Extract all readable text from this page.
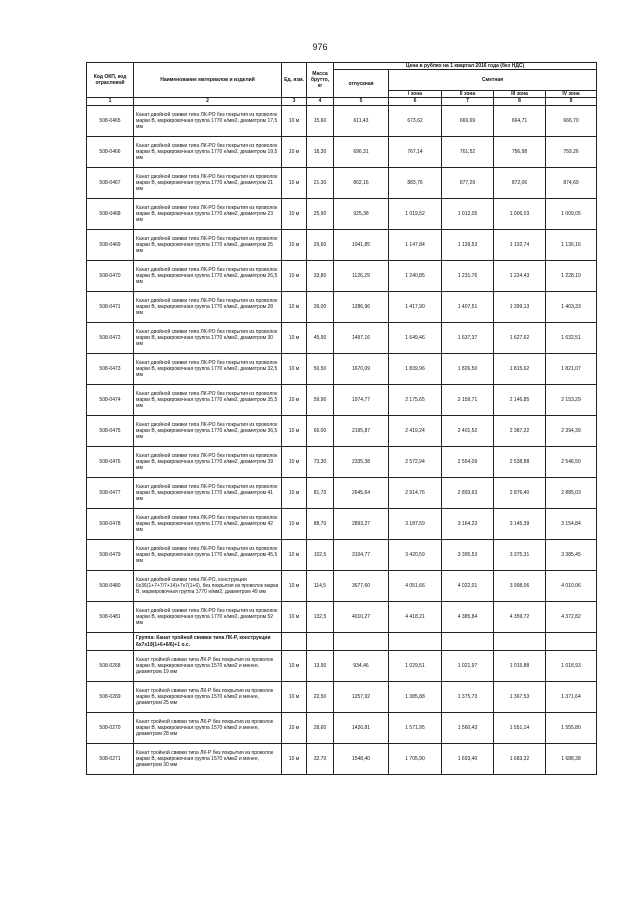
976
Код ОКП, код отраслевой	Наименование материалов и изделий	Ед. изм.	Масса брутто, кг	Цена в рублях на 1 квартал 2016 года (без НДС)				
				отпускная	Сметная			
					I зона	II зона	III зона	IV зона
1	2	3	4	5	6	7	8	9
508-0465	Канат двойной свивки типа ЛК-РО без покрытия из проволок марки В, маркировочная группа 1770 н/мм2, диаметром 17,5 мм	10 м	15,60	611,43	673,62	669,69	664,71	666,70
508-0466	Канат двойной свивки типа ЛК-РО без покрытия из проволок марки В, маркировочная группа 1770 н/мм2, диаметром 19,5 мм	10 м	18,30	696,31	767,14	761,52	756,98	759,26
508-0467	Канат двойной свивки типа ЛК-РО без покрытия из проволок марки В, маркировочная группа 1770 н/мм2, диаметром 21 мм	10 м	21,30	802,16	883,76	877,29	872,06	874,69
508-0468	Канат двойной свивки типа ЛК-РО без покрытия из проволок марки В, маркировочная группа 1770 н/мм2, диаметром 23 мм	10 м	25,90	925,38	1 019,52	1 012,05	1 006,03	1 009,05
508-0469	Канат двойной свивки типа ЛК-РО без покрытия из проволок марки В, маркировочная группа 1770 н/мм2, диаметром 25 мм	10 м	29,60	1041,85	1 147,84	1 139,53	1 132,74	1 136,16
508-0470	Канат двойной свивки типа ЛК-РО без покрытия из проволок марки В, маркировочная группа 1770 н/мм2, диаметром 26,5 мм	10 м	33,80	1126,29	1 240,85	1 231,76	1 224,43	1 228,10
508-0471	Канат двойной свивки типа ЛК-РО без покрытия из проволок марки В, маркировочная группа 1770 н/мм2, диаметром 28 мм	10 м	39,00	1286,96	1 417,90	1 407,51	1 399,13	1 403,33
508-0472	Канат двойной свивки типа ЛК-РО без покрытия из проволок марки В, маркировочная группа 1770 н/мм2, диаметром 30 мм	10 м	45,90	1497,16	1 649,46	1 637,37	1 627,62	1 632,51
508-0473	Канат двойной свивки типа ЛК-РО без покрытия из проволок марки В, маркировочная группа 1770 н/мм2, диаметром 32,5 мм	10 м	50,50	1670,09	1 839,96	1 826,50	1 815,62	1 821,07
508-0474	Канат двойной свивки типа ЛК-РО без покрытия из проволок марки В, маркировочная группа 1770 н/мм2, диаметром 35,5 мм	10 м	59,90	1974,77	2 175,65	2 159,71	2 146,85	2 153,29
508-0475	Канат двойной свивки типа ЛК-РО без покрытия из проволок марки В, маркировочная группа 1770 н/мм2, диаметром 36,5 мм	10 м	66,00	2195,87	2 419,24	2 401,52	2 387,22	2 394,39
508-0476	Канат двойной свивки типа ЛК-РО без покрытия из проволок марки В, маркировочная группа 1770 н/мм2, диаметром 39 мм	10 м	73,30	2335,38	2 572,94	2 554,09	2 538,88	2 546,50
508-0477	Канат двойной свивки типа ЛК-РО без покрытия из проволок марки В, маркировочная группа 1770 н/мм2, диаметром 41 мм	10 м	81,70	2645,64	2 914,76	2 893,63	2 876,40	2 885,03
508-0478	Канат двойной свивки типа ЛК-РО без покрытия из проволок марки В, маркировочная группа 1770 н/мм2, диаметром 42 мм	10 м	88,70	2893,27	3 187,59	3 164,23	3 145,39	3 154,84
508-0479	Канат двойной свивки типа ЛК-РО без покрытия из проволок марки В, маркировочная группа 1770 н/мм2, диаметром 45,5 мм	10 м	102,5	3104,77	3 420,59	3 395,53	3 375,31	3 385,45
508-0480	Канат двойной свивки типа ЛК-РО, конструкции 6х36(1+7+7/7+14)+7х7(1+6), без покрытия из проволок марки В, маркировочная группа 1770 н/мм2, диаметром 49 мм	10 м	114,5	3677,60	4 051,66	4 022,01	3 998,06	4 010,06
508-0481	Канат двойной свивки типа ЛК-РО без покрытия из проволок марки В, маркировочная группа 1770 н/мм2, диаметром 52 мм	10 м	132,5	4010,27	4 418,21	4 385,84	4 359,72	4 372,82
	Группа: Канат тройной свивки типа ЛК-Р, конструкции 6х7х19(1+6+6/6)+1 о.с.							
508-0268	Канат тройной свивки типа ЛК-Р без покрытия из проволок марки В, маркировочная группа 1570 н/мм2 и менее, диаметром 19 мм	10 м	13,90	934,46	1 029,51	1 021,97	1 015,88	1 018,93
508-0269	Канат тройной свивки типа ЛК-Р без покрытия из проволок марки В, маркировочная группа 1570 н/мм2 и менее, диаметром 25 мм	10 м	22,50	1257,92	1 385,88	1 375,73	1 367,53	1 371,64
508-0270	Канат тройной свивки типа ЛК-Р без покрытия из проволок марки В, маркировочная группа 1570 н/мм2 и менее, диаметром 28 мм	10 м	28,60	1426,81	1 571,95	1 560,43	1 551,14	1 555,80
508-0271	Канат тройной свивки типа ЛК-Р без покрытия из проволок марки В, маркировочная группа 1570 н/мм2 и менее, диаметром 30 мм	10 м	32,70	1548,40	1 705,90	1 693,40	1 683,32	1 688,38
